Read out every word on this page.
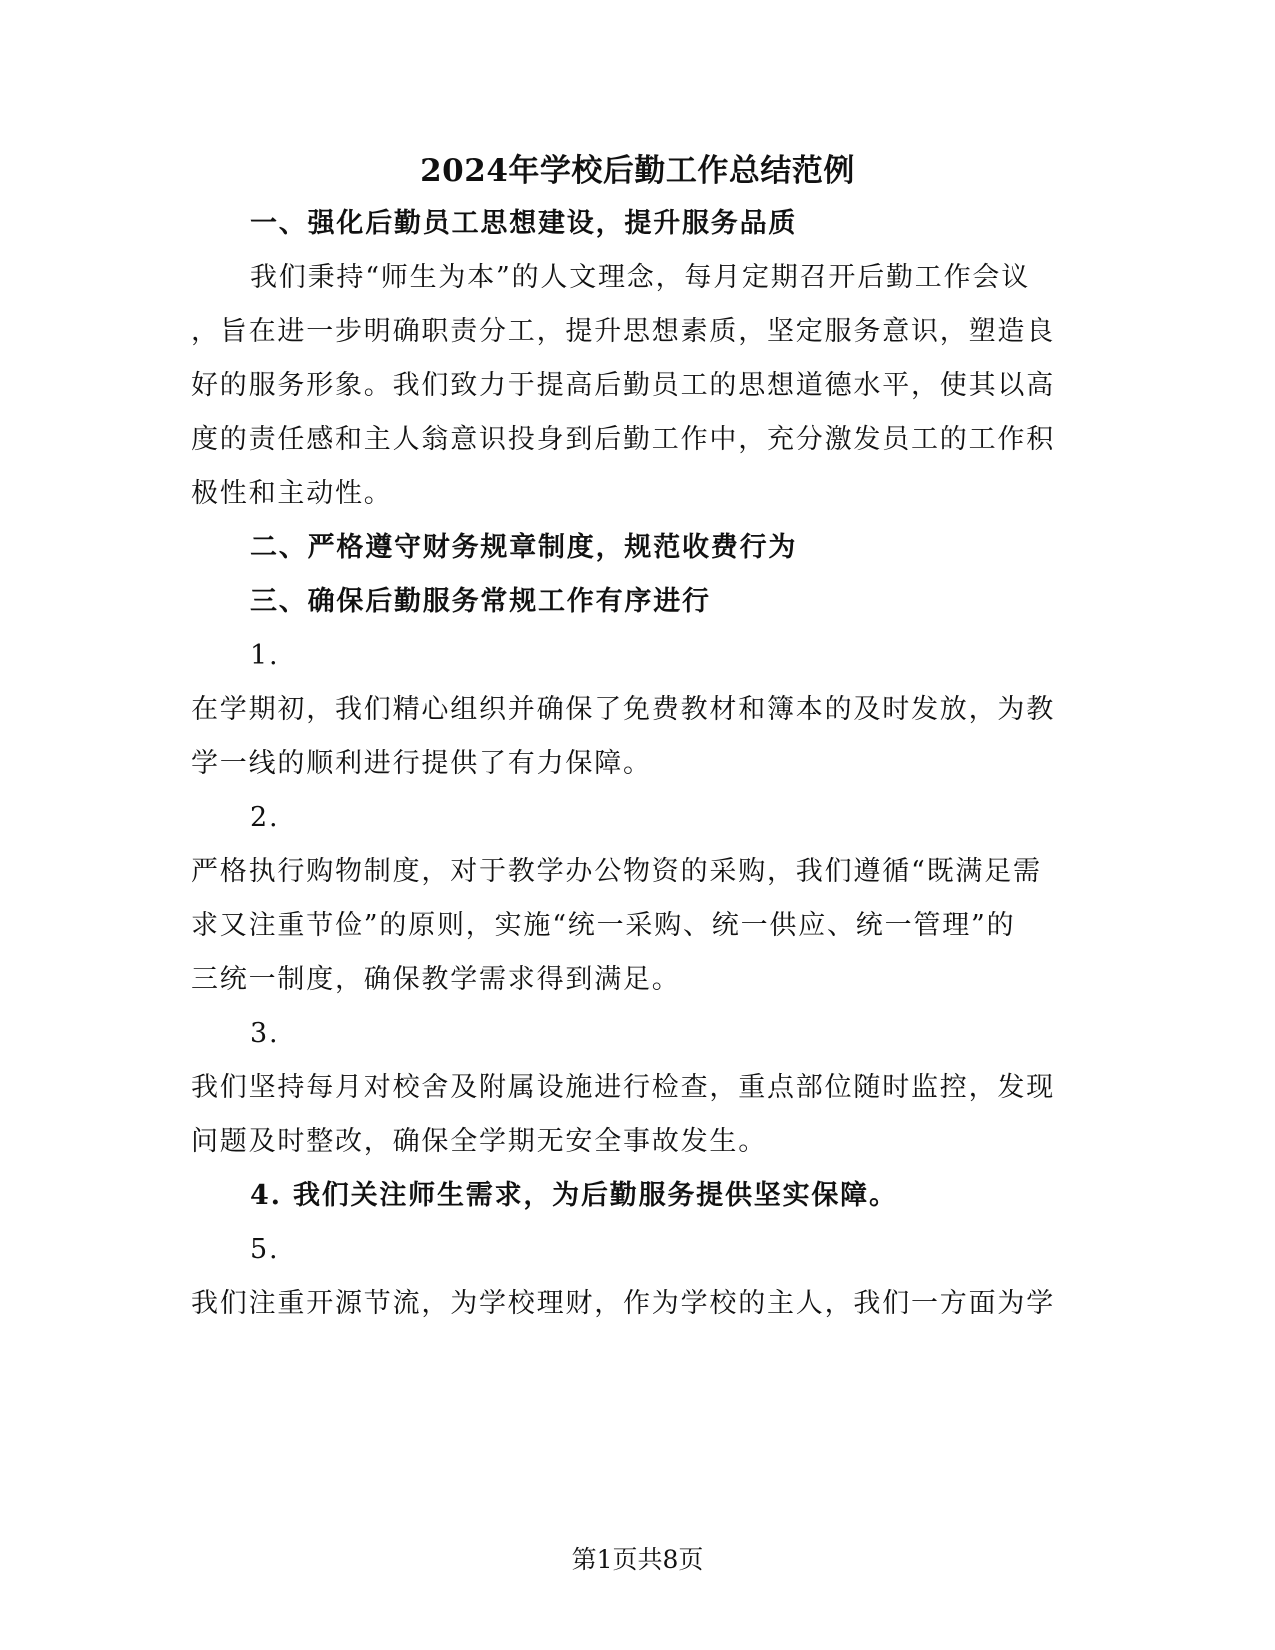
2024年学校后勤工作总结范例
一、强化后勤员工思想建设，提升服务品质
我们秉持“师生为本”的人文理念，每月定期召开后勤工作会议
，旨在进一步明确职责分工，提升思想素质，坚定服务意识，塑造良
好的服务形象。我们致力于提高后勤员工的思想道德水平，使其以高
度的责任感和主人翁意识投身到后勤工作中，充分激发员工的工作积
极性和主动性。
二、严格遵守财务规章制度，规范收费行为
三、确保后勤服务常规工作有序进行
1.
在学期初，我们精心组织并确保了免费教材和簿本的及时发放，为教
学一线的顺利进行提供了有力保障。
2.
严格执行购物制度，对于教学办公物资的采购，我们遵循“既满足需
求又注重节俭”的原则，实施“统一采购、统一供应、统一管理”的
三统一制度，确保教学需求得到满足。
3.
我们坚持每月对校舍及附属设施进行检查，重点部位随时监控，发现
问题及时整改，确保全学期无安全事故发生。
4. 我们关注师生需求，为后勤服务提供坚实保障。
5.
我们注重开源节流，为学校理财，作为学校的主人，我们一方面为学
第1页共8页
